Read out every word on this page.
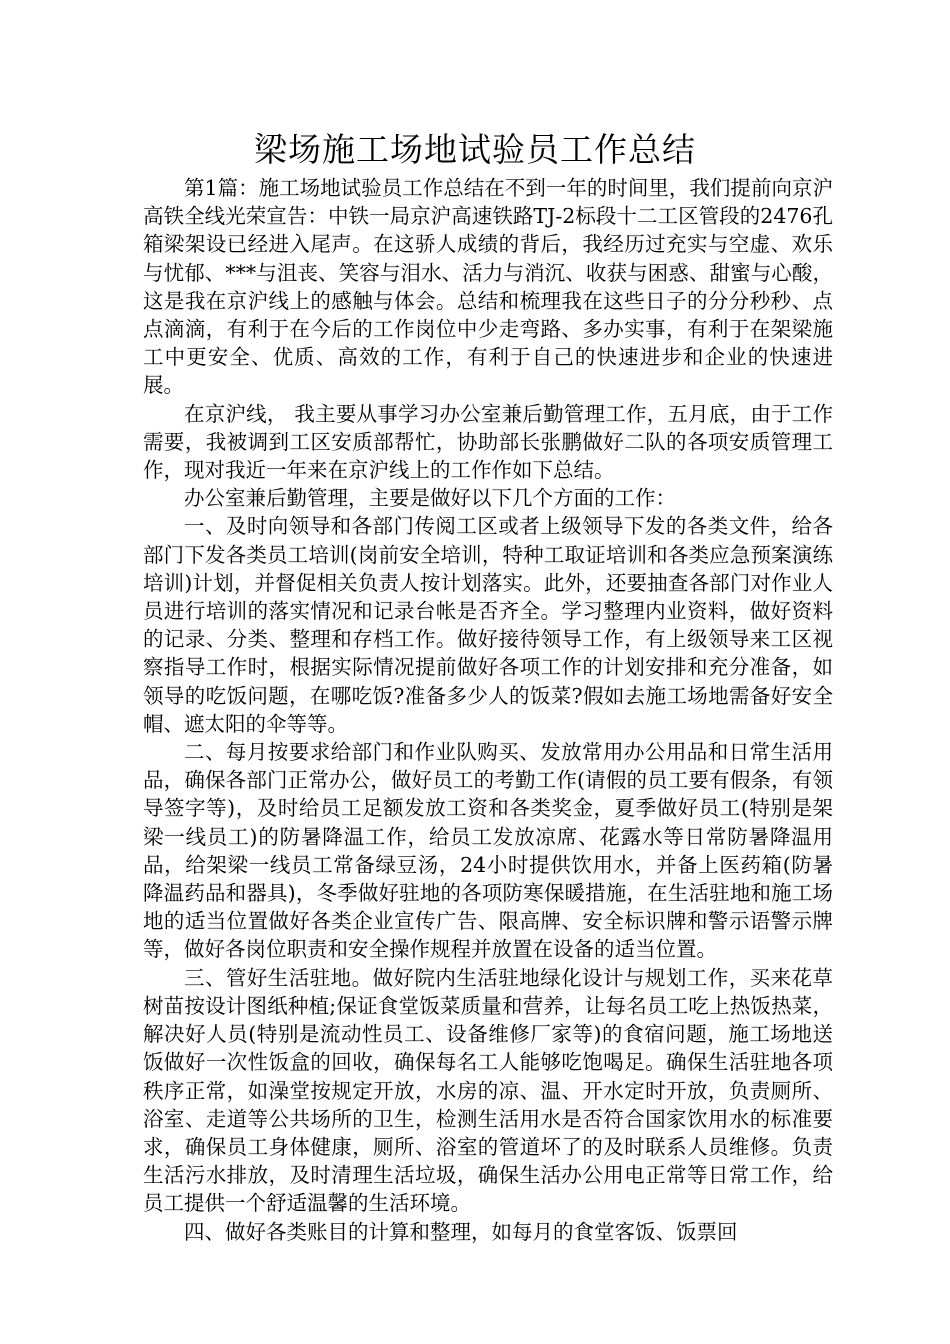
梁场施工场地试验员工作总结

第1篇：施工场地试验员工作总结在不到一年的时间里，我们提前向京沪高铁全线光荣宣告：中铁一局京沪高速铁路TJ-2标段十二工区管段的2476孔箱梁架设已经进入尾声。在这骄人成绩的背后，我经历过充实与空虚、欢乐与忧郁、***与沮丧、笑容与泪水、活力与消沉、收获与困惑、甜蜜与心酸，这是我在京沪线上的感触与体会。总结和梳理我在这些日子的分分秒秒、点点滴滴，有利于在今后的工作岗位中少走弯路、多办实事，有利于在架梁施工中更安全、优质、高效的工作，有利于自己的快速进步和企业的快速进展。

在京沪线， 我主要从事学习办公室兼后勤管理工作，五月底，由于工作需要，我被调到工区安质部帮忙，协助部长张鹏做好二队的各项安质管理工作，现对我近一年来在京沪线上的工作作如下总结。

办公室兼后勤管理，主要是做好以下几个方面的工作：

一、及时向领导和各部门传阅工区或者上级领导下发的各类文件，给各部门下发各类员工培训(岗前安全培训，特种工取证培训和各类应急预案演练培训)计划，并督促相关负责人按计划落实。此外，还要抽查各部门对作业人员进行培训的落实情况和记录台帐是否齐全。学习整理内业资料，做好资料的记录、分类、整理和存档工作。做好接待领导工作，有上级领导来工区视察指导工作时，根据实际情况提前做好各项工作的计划安排和充分准备，如领导的吃饭问题，在哪吃饭?准备多少人的饭菜?假如去施工场地需备好安全帽、遮太阳的伞等等。

二、每月按要求给部门和作业队购买、发放常用办公用品和日常生活用品，确保各部门正常办公，做好员工的考勤工作(请假的员工要有假条，有领导签字等)，及时给员工足额发放工资和各类奖金，夏季做好员工(特别是架梁一线员工)的防暑降温工作，给员工发放凉席、花露水等日常防暑降温用品，给架梁一线员工常备绿豆汤，24小时提供饮用水，并备上医药箱(防暑降温药品和器具)，冬季做好驻地的各项防寒保暖措施，在生活驻地和施工场地的适当位置做好各类企业宣传广告、限高牌、安全标识牌和警示语警示牌等，做好各岗位职责和安全操作规程并放置在设备的适当位置。

三、管好生活驻地。做好院内生活驻地绿化设计与规划工作，买来花草树苗按设计图纸种植;保证食堂饭菜质量和营养，让每名员工吃上热饭热菜，解决好人员(特别是流动性员工、设备维修厂家等)的食宿问题，施工场地送饭做好一次性饭盒的回收，确保每名工人能够吃饱喝足。确保生活驻地各项秩序正常，如澡堂按规定开放，水房的凉、温、开水定时开放，负责厕所、浴室、走道等公共场所的卫生，检测生活用水是否符合国家饮用水的标准要求，确保员工身体健康，厕所、浴室的管道坏了的及时联系人员维修。负责生活污水排放，及时清理生活垃圾，确保生活办公用电正常等日常工作，给员工提供一个舒适温馨的生活环境。

四、做好各类账目的计算和整理，如每月的食堂客饭、饭票回
